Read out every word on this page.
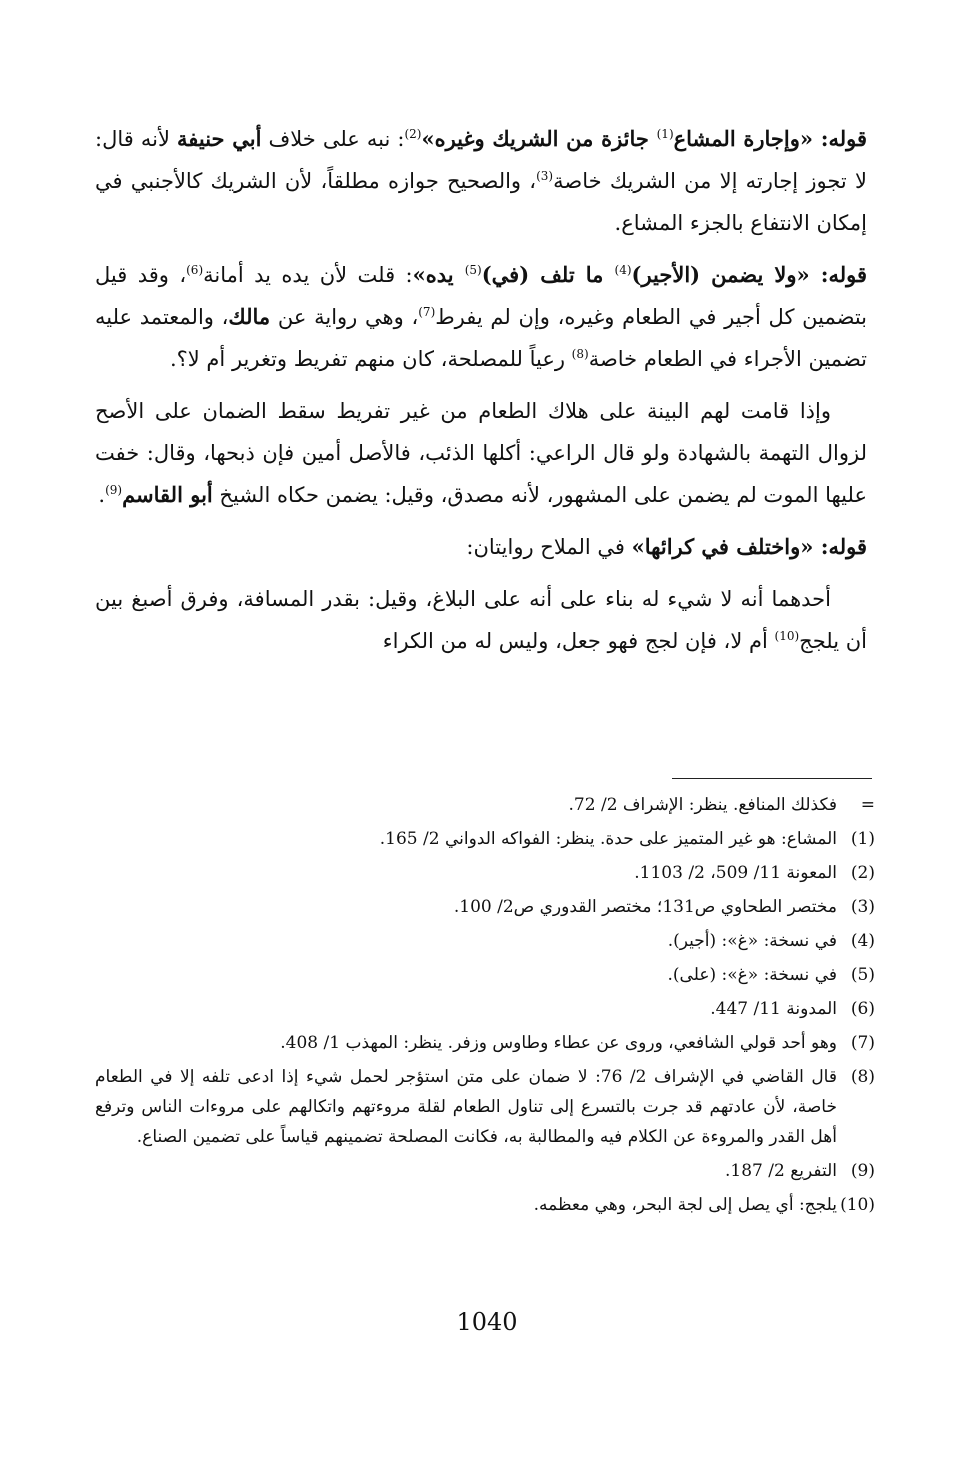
قوله: «وإجارة المشاع$^{(1)}$ جائزة من الشريك وغيره»$^{(2)}$: نبه على خلاف أبي حنيفة لأنه قال: لا تجوز إجارته إلا من الشريك خاصة$^{(3)}$، والصحيح جوازه مطلقاً، لأن الشريك كالأجنبي في إمكان الانتفاع بالجزء المشاع.

قوله: «ولا يضمن (الأجير)$^{(4)}$ ما تلف (في)$^{(5)}$ يده»: قلت لأن يده يد أمانة$^{(6)}$، وقد قيل بتضمين كل أجير في الطعام وغيره، وإن لم يفرط$^{(7)}$، وهي رواية عن مالك، والمعتمد عليه تضمين الأجراء في الطعام خاصة$^{(8)}$ رعياً للمصلحة، كان منهم تفريط وتغرير أم لا؟.

وإذا قامت لهم البينة على هلاك الطعام من غير تفريط سقط الضمان على الأصح لزوال التهمة بالشهادة ولو قال الراعي: أكلها الذئب، فالأصل أمين فإن ذبحها، وقال: خفت عليها الموت لم يضمن على المشهور، لأنه مصدق، وقيل: يضمن حكاه الشيخ أبو القاسم$^{(9)}$.

قوله: «واختلف في كرائها» في الملاح روايتان:

أحدهما أنه لا شيء له بناء على أنه على البلاغ، وقيل: بقدر المسافة، وفرق أصبغ بين أن يلجج$^{(10)}$ أم لا، فإن لجج فهو جعل، وليس له من الكراء

=
فكذلك المنافع. ينظر: الإشراف 2/ 72.
(1)
المشاع: هو غير المتميز على حدة. ينظر: الفواكه الدواني 2/ 165.
(2)
المعونة 11/ 509، 2/ 1103.
(3)
مختصر الطحاوي ص131؛ مختصر القدوري ص2/ 100.
(4)
في نسخة: «غ»: (أجير).
(5)
في نسخة: «غ»: (على).
(6)
المدونة 11/ 447.
(7)
وهو أحد قولي الشافعي، وروى عن عطاء وطاوس وزفر. ينظر: المهذب 1/ 408.
(8)
قال القاضي في الإشراف 2/ 76: لا ضمان على متن استؤجر لحمل شيء إذا ادعى تلفه إلا في الطعام خاصة، لأن عادتهم قد جرت بالتسرع إلى تناول الطعام لقلة مروءتهم واتكالهم على مروءات الناس وترفع أهل القدر والمروءة عن الكلام فيه والمطالبة به، فكانت المصلحة تضمينهم قياساً على تضمين الصناع.
(9)
التفريع 2/ 187.
(10)
يلجج: أي يصل إلى لجة البحر، وهي معظمه.
1040
